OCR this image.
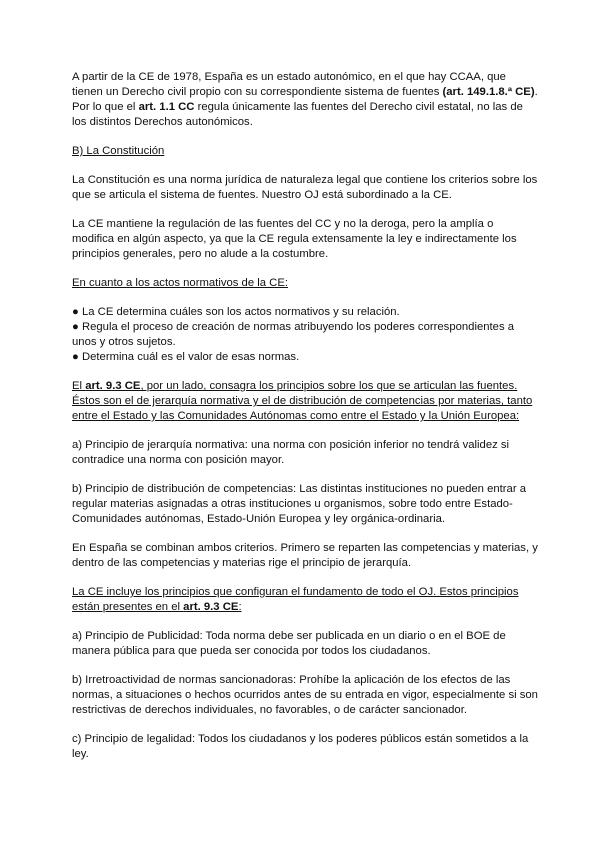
A partir de la CE de 1978, España es un estado autonómico, en el que hay CCAA, que tienen un Derecho civil propio con su correspondiente sistema de fuentes (art. 149.1.8.ª CE). Por lo que el art. 1.1 CC regula únicamente las fuentes del Derecho civil estatal, no las de los distintos Derechos autonómicos.

B) La Constitución

La Constitución es una norma jurídica de naturaleza legal que contiene los criterios sobre los que se articula el sistema de fuentes. Nuestro OJ está subordinado a la CE.

La CE mantiene la regulación de las fuentes del CC y no la deroga, pero la amplía o modifica en algún aspecto, ya que la CE regula extensamente la ley e indirectamente los principios generales, pero no alude a la costumbre.

En cuanto a los actos normativos de la CE:

● La CE determina cuáles son los actos normativos y su relación.
● Regula el proceso de creación de normas atribuyendo los poderes correspondientes a unos y otros sujetos.
● Determina cuál es el valor de esas normas.

El art. 9.3 CE, por un lado, consagra los principios sobre los que se articulan las fuentes. Éstos son el de jerarquía normativa y el de distribución de competencias por materias, tanto entre el Estado y las Comunidades Autónomas como entre el Estado y la Unión Europea:

a) Principio de jerarquía normativa: una norma con posición inferior no tendrá validez si contradice una norma con posición mayor.

b) Principio de distribución de competencias: Las distintas instituciones no pueden entrar a regular materias asignadas a otras instituciones u organismos, sobre todo entre Estado-Comunidades autónomas, Estado-Unión Europea y ley orgánica-ordinaria.

En España se combinan ambos criterios. Primero se reparten las competencias y materias, y dentro de las competencias y materias rige el principio de jerarquía.

La CE incluye los principios que configuran el fundamento de todo el OJ. Estos principios están presentes en el art. 9.3 CE:

a) Principio de Publicidad: Toda norma debe ser publicada en un diario o en el BOE de manera pública para que pueda ser conocida por todos los ciudadanos.

b) Irretroactividad de normas sancionadoras: Prohíbe la aplicación de los efectos de las normas, a situaciones o hechos ocurridos antes de su entrada en vigor, especialmente si son restrictivas de derechos individuales, no favorables, o de carácter sancionador.

c) Principio de legalidad: Todos los ciudadanos y los poderes públicos están sometidos a la ley.
